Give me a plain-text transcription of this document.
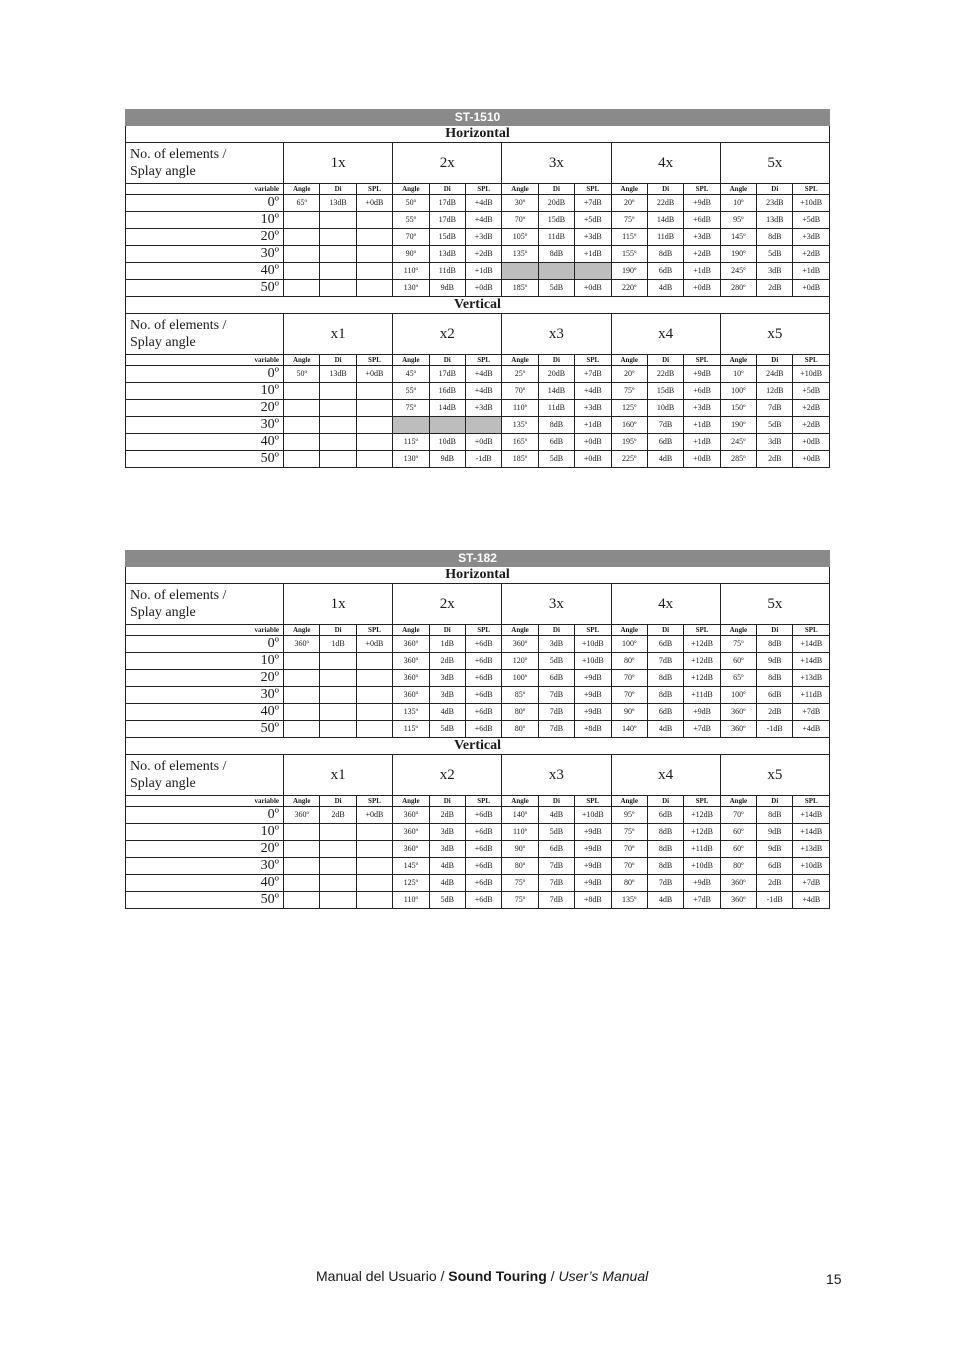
ST-1510															
Horizontal															
No. of elements /
Splay angle	1x			2x			3x			4x			5x		
variable	Angle	Di	SPL	Angle	Di	SPL	Angle	Di	SPL	Angle	Di	SPL	Angle	Di	SPL
0º	65º	13dB	+0dB	50º	17dB	+4dB	30º	20dB	+7dB	20º	22dB	+9dB	10º	23dB	+10dB
10º				55º	17dB	+4dB	70º	15dB	+5dB	75º	14dB	+6dB	95º	13dB	+5dB
20º				70º	15dB	+3dB	105º	11dB	+3dB	115º	11dB	+3dB	145º	8dB	+3dB
30º				90º	13dB	+2dB	135º	8dB	+1dB	155º	8dB	+2dB	190º	5dB	+2dB
40º				110º	11dB	+1dB				190º	6dB	+1dB	245º	3dB	+1dB
50º				130º	9dB	+0dB	185º	5dB	+0dB	220º	4dB	+0dB	280º	2dB	+0dB
Vertical															
No. of elements /
Splay angle	x1			x2			x3			x4			x5		
variable	Angle	Di	SPL	Angle	Di	SPL	Angle	Di	SPL	Angle	Di	SPL	Angle	Di	SPL
0º	50º	13dB	+0dB	45º	17dB	+4dB	25º	20dB	+7dB	20º	22dB	+9dB	10º	24dB	+10dB
10º				55º	16dB	+4dB	70º	14dB	+4dB	75º	15dB	+6dB	100º	12dB	+5dB
20º				75º	14dB	+3dB	110º	11dB	+3dB	125º	10dB	+3dB	150º	7dB	+2dB
30º							135º	8dB	+1dB	160º	7dB	+1dB	190º	5dB	+2dB
40º				115º	10dB	+0dB	165º	6dB	+0dB	195º	6dB	+1dB	245º	3dB	+0dB
50º				130º	9dB	-1dB	185º	5dB	+0dB	225º	4dB	+0dB	285º	2dB	+0dB
ST-182															
Horizontal															
No. of elements /
Splay angle	1x			2x			3x			4x			5x		
variable	Angle	Di	SPL	Angle	Di	SPL	Angle	Di	SPL	Angle	Di	SPL	Angle	Di	SPL
0º	360º	1dB	+0dB	360º	1dB	+6dB	360º	3dB	+10dB	100º	6dB	+12dB	75º	8dB	+14dB
10º				360º	2dB	+6dB	120º	5dB	+10dB	80º	7dB	+12dB	60º	9dB	+14dB
20º				360º	3dB	+6dB	100º	6dB	+9dB	70º	8dB	+12dB	65º	8dB	+13dB
30º				360º	3dB	+6dB	85º	7dB	+9dB	70º	8dB	+11dB	100º	6dB	+11dB
40º				135º	4dB	+6dB	80º	7dB	+9dB	90º	6dB	+9dB	360º	2dB	+7dB
50º				115º	5dB	+6dB	80º	7dB	+8dB	140º	4dB	+7dB	360º	-1dB	+4dB
Vertical															
No. of elements /
Splay angle	x1			x2			x3			x4			x5		
variable	Angle	Di	SPL	Angle	Di	SPL	Angle	Di	SPL	Angle	Di	SPL	Angle	Di	SPL
0º	360º	2dB	+0dB	360º	2dB	+6dB	140º	4dB	+10dB	95º	6dB	+12dB	70º	8dB	+14dB
10º				360º	3dB	+6dB	110º	5dB	+9dB	75º	8dB	+12dB	60º	9dB	+14dB
20º				360º	3dB	+6dB	90º	6dB	+9dB	70º	8dB	+11dB	60º	9dB	+13dB
30º				145º	4dB	+6dB	80º	7dB	+9dB	70º	8dB	+10dB	80º	6dB	+10dB
40º				125º	4dB	+6dB	75º	7dB	+9dB	80º	7dB	+9dB	360º	2dB	+7dB
50º				110º	5dB	+6dB	75º	7dB	+8dB	135º	4dB	+7dB	360º	-1dB	+4dB
Manual del Usuario / Sound Touring / User’s Manual	15
